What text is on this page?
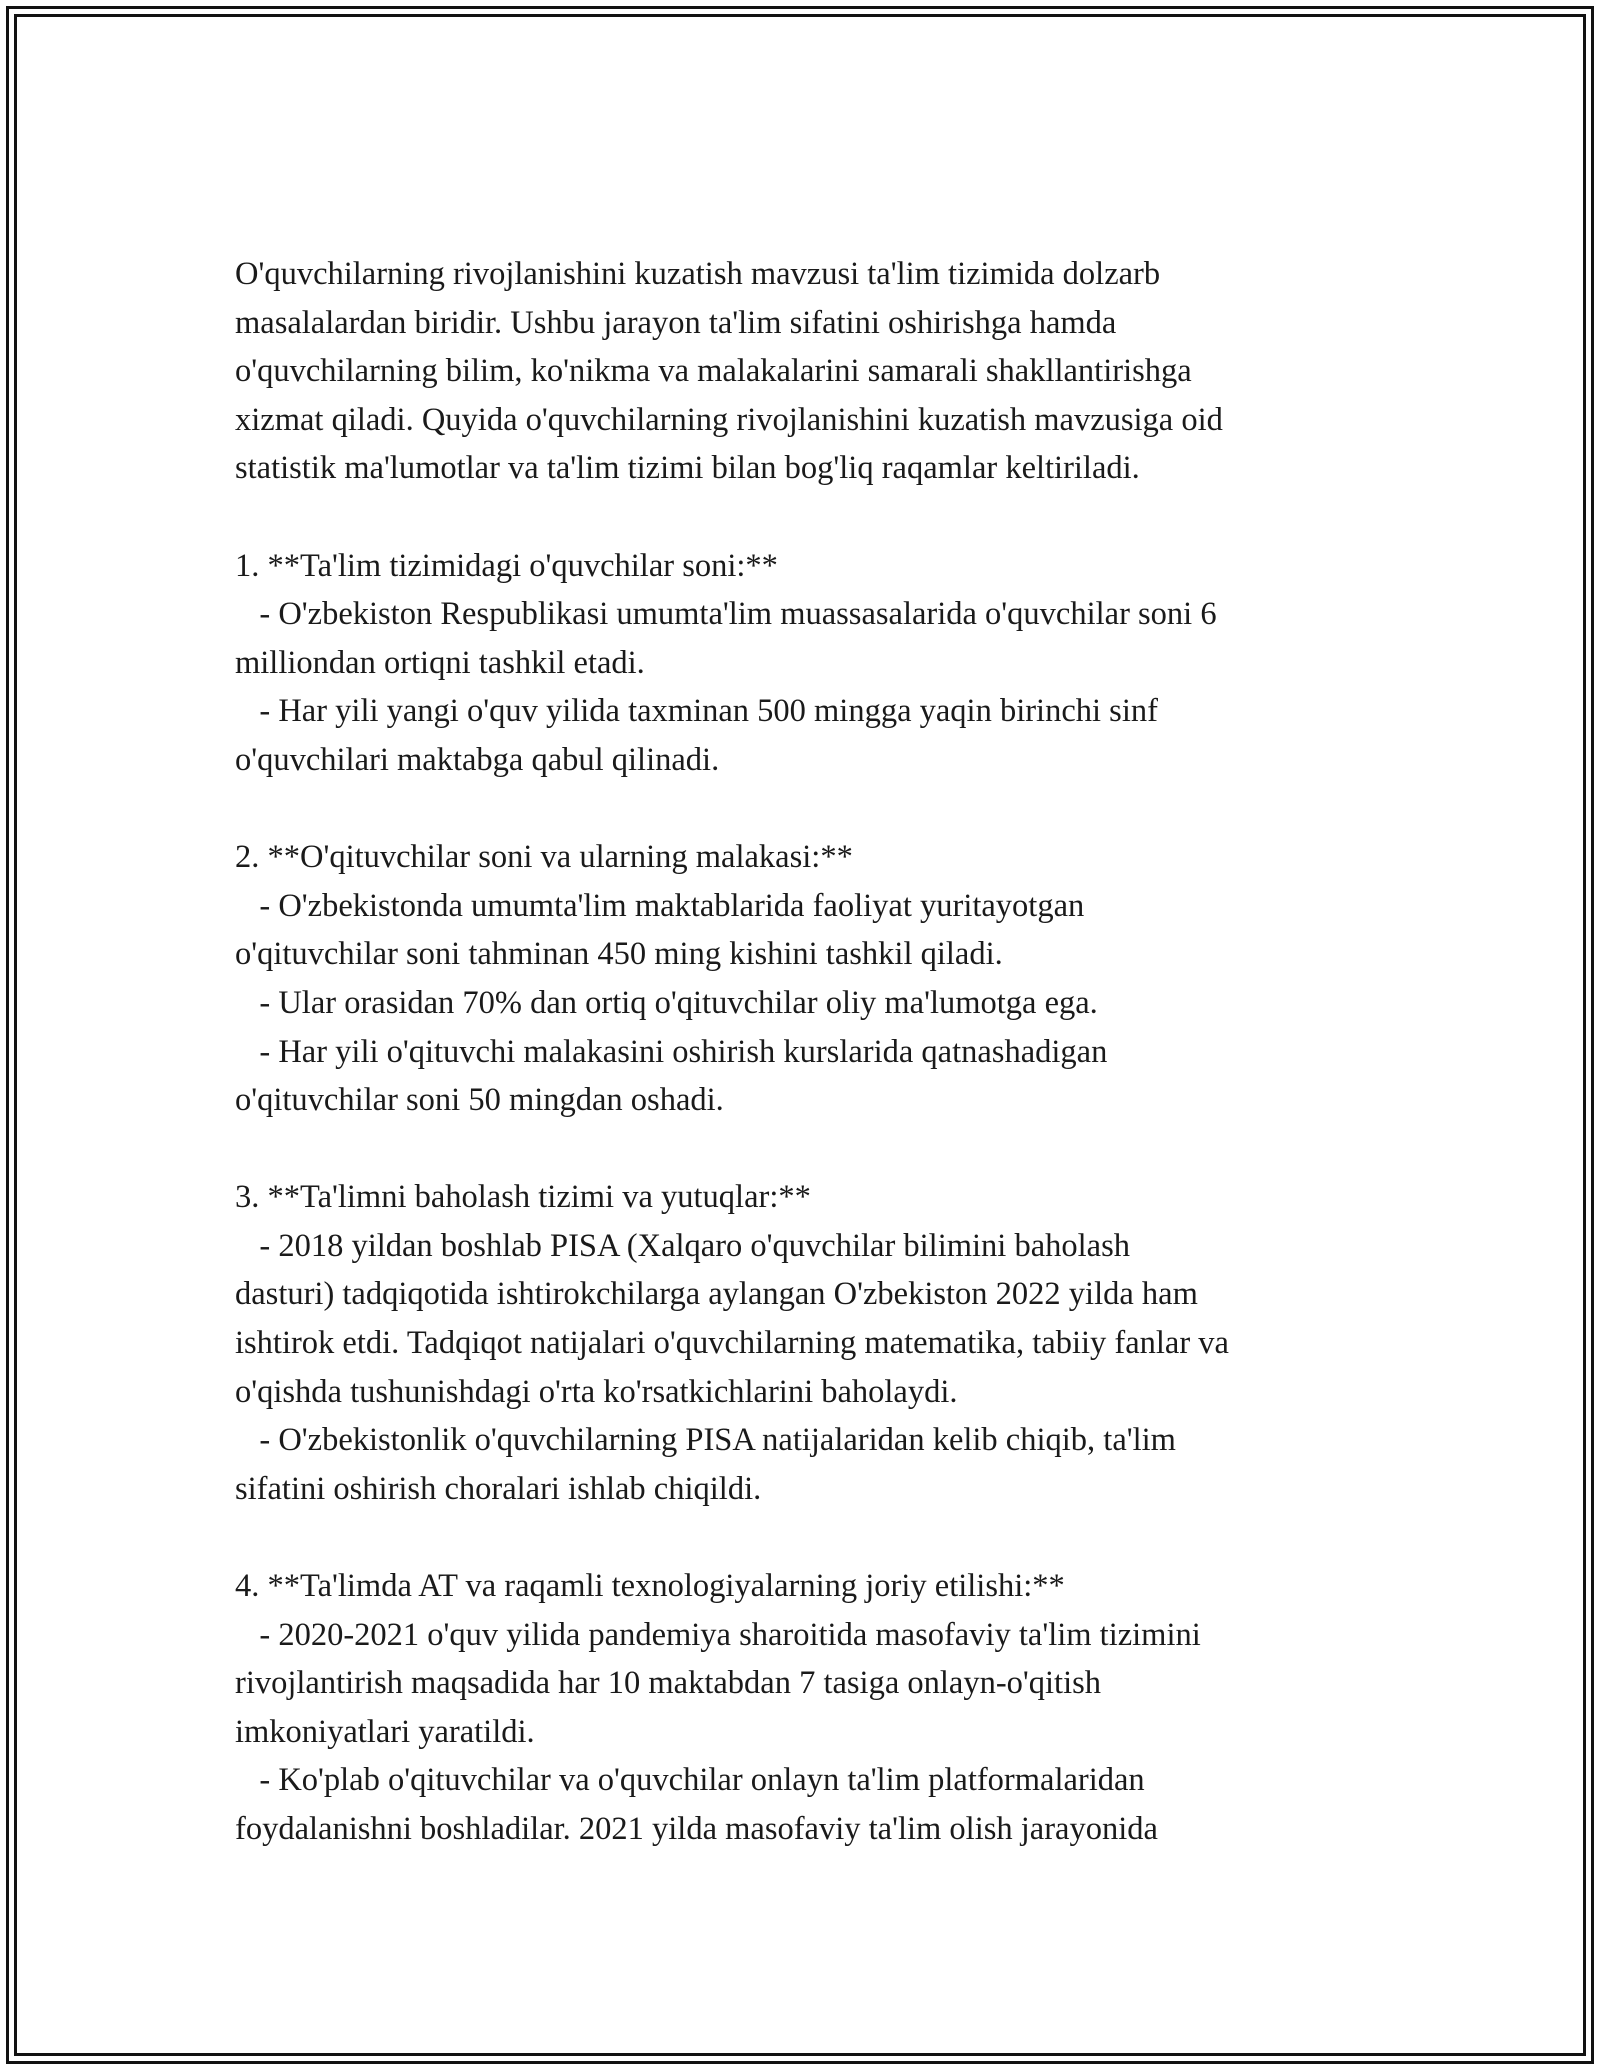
O'quvchilarning rivojlanishini kuzatish mavzusi ta'lim tizimida dolzarb

masalalardan biridir. Ushbu jarayon ta'lim sifatini oshirishga hamda

o'quvchilarning bilim, ko'nikma va malakalarini samarali shakllantirishga

xizmat qiladi. Quyida o'quvchilarning rivojlanishini kuzatish mavzusiga oid

statistik ma'lumotlar va ta'lim tizimi bilan bog'liq raqamlar keltiriladi.

1. **Ta'lim tizimidagi o'quvchilar soni:**

- O'zbekiston Respublikasi umumta'lim muassasalarida o'quvchilar soni 6

milliondan ortiqni tashkil etadi.

- Har yili yangi o'quv yilida taxminan 500 mingga yaqin birinchi sinf

o'quvchilari maktabga qabul qilinadi.

2. **O'qituvchilar soni va ularning malakasi:**

- O'zbekistonda umumta'lim maktablarida faoliyat yuritayotgan

o'qituvchilar soni tahminan 450 ming kishini tashkil qiladi.

- Ular orasidan 70% dan ortiq o'qituvchilar oliy ma'lumotga ega.

- Har yili o'qituvchi malakasini oshirish kurslarida qatnashadigan

o'qituvchilar soni 50 mingdan oshadi.

3. **Ta'limni baholash tizimi va yutuqlar:**

- 2018 yildan boshlab PISA (Xalqaro o'quvchilar bilimini baholash

dasturi) tadqiqotida ishtirokchilarga aylangan O'zbekiston 2022 yilda ham

ishtirok etdi. Tadqiqot natijalari o'quvchilarning matematika, tabiiy fanlar va

o'qishda tushunishdagi o'rta ko'rsatkichlarini baholaydi.

- O'zbekistonlik o'quvchilarning PISA natijalaridan kelib chiqib, ta'lim

sifatini oshirish choralari ishlab chiqildi.

4. **Ta'limda AT va raqamli texnologiyalarning joriy etilishi:**

- 2020-2021 o'quv yilida pandemiya sharoitida masofaviy ta'lim tizimini

rivojlantirish maqsadida har 10 maktabdan 7 tasiga onlayn-o'qitish

imkoniyatlari yaratildi.

- Ko'plab o'qituvchilar va o'quvchilar onlayn ta'lim platformalaridan

foydalanishni boshladilar. 2021 yilda masofaviy ta'lim olish jarayonida
